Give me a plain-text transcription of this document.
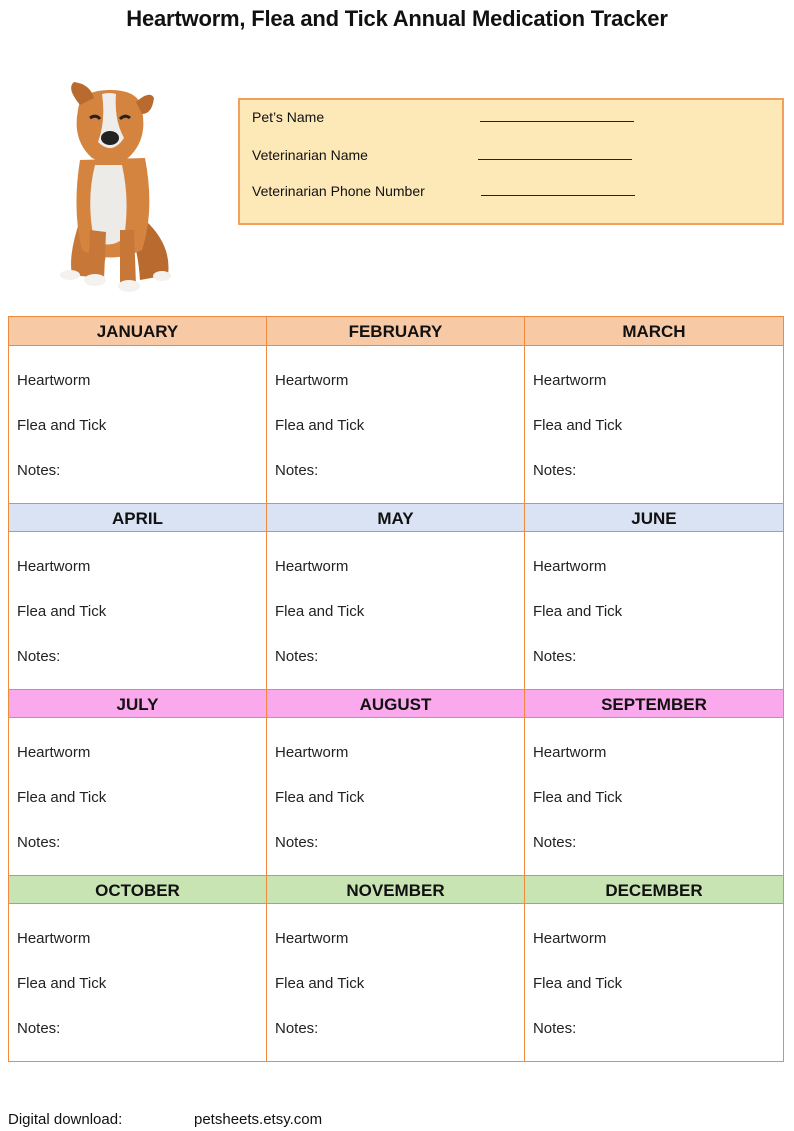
Heartworm, Flea and Tick Annual Medication Tracker
Pet’s Name
Veterinarian Name
Veterinarian Phone Number
JANUARY
Heartworm
Flea and Tick
Notes:
FEBRUARY
Heartworm
Flea and Tick
Notes:
MARCH
Heartworm
Flea and Tick
Notes:
APRIL
Heartworm
Flea and Tick
Notes:
MAY
Heartworm
Flea and Tick
Notes:
JUNE
Heartworm
Flea and Tick
Notes:
JULY
Heartworm
Flea and Tick
Notes:
AUGUST
Heartworm
Flea and Tick
Notes:
SEPTEMBER
Heartworm
Flea and Tick
Notes:
OCTOBER
Heartworm
Flea and Tick
Notes:
NOVEMBER
Heartworm
Flea and Tick
Notes:
DECEMBER
Heartworm
Flea and Tick
Notes:
Digital download:	petsheets.etsy.com
